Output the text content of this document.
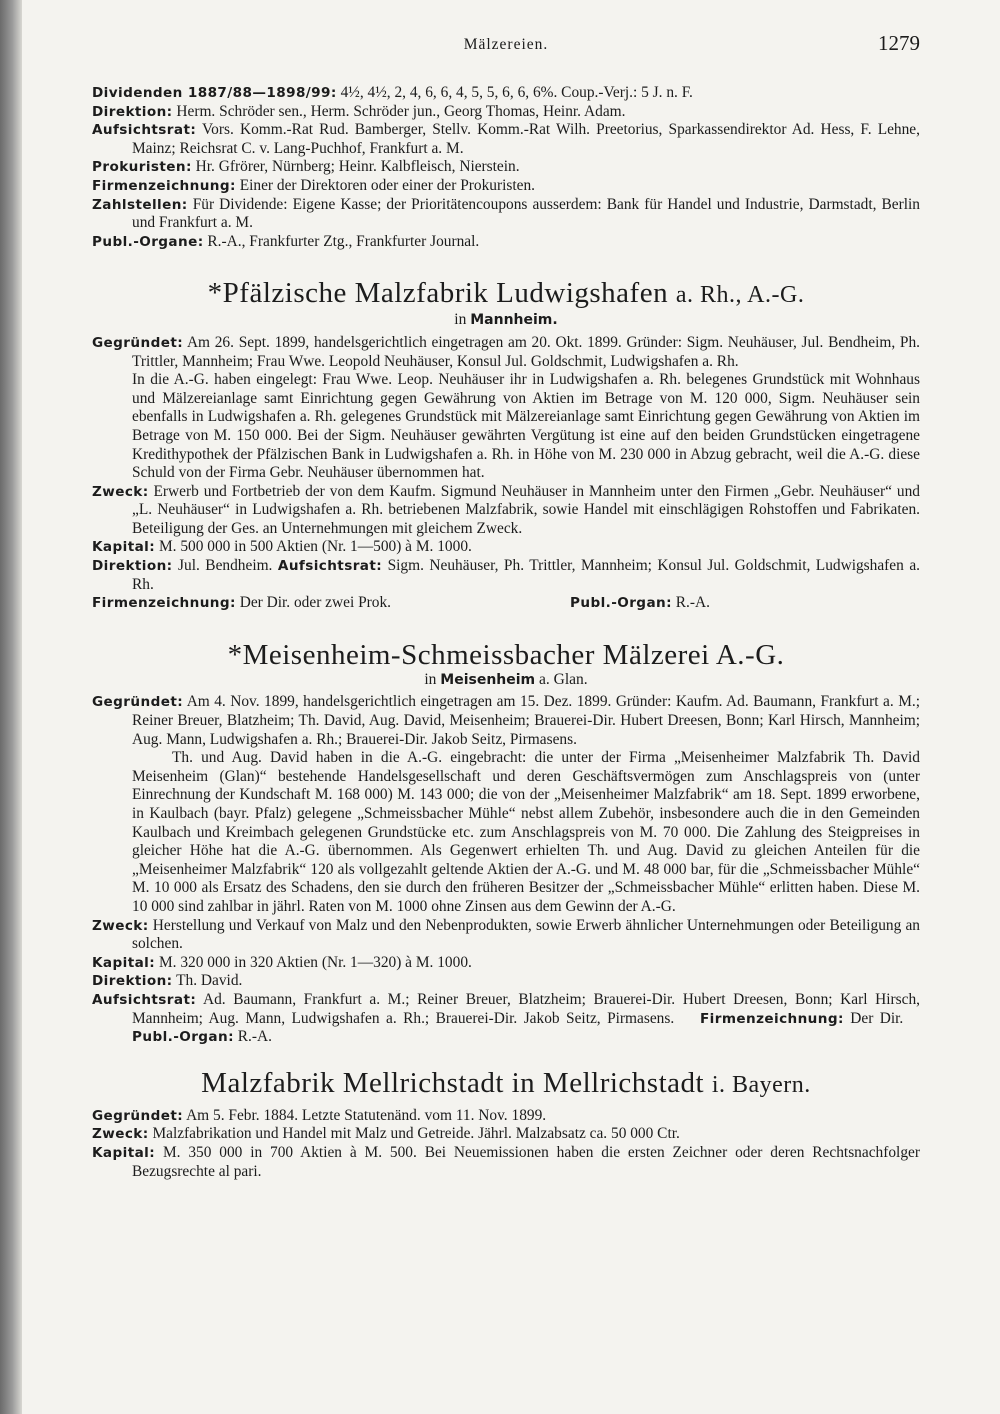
Mälzereien.	1279

Dividenden 1887/88—1898/99: 4½, 4½, 2, 4, 6, 6, 4, 5, 5, 6, 6, 6%. Coup.-Verj.: 5 J. n. F.

Direktion: Herm. Schröder sen., Herm. Schröder jun., Georg Thomas, Heinr. Adam.

Aufsichtsrat: Vors. Komm.-Rat Rud. Bamberger, Stellv. Komm.-Rat Wilh. Preetorius, Sparkassendirektor Ad. Hess, F. Lehne, Mainz; Reichsrat C. v. Lang-Puchhof, Frankfurt a. M.

Prokuristen: Hr. Gfrörer, Nürnberg; Heinr. Kalbfleisch, Nierstein.

Firmenzeichnung: Einer der Direktoren oder einer der Prokuristen.

Zahlstellen: Für Dividende: Eigene Kasse; der Prioritätencoupons ausserdem: Bank für Handel und Industrie, Darmstadt, Berlin und Frankfurt a. M.

Publ.-Organe: R.-A., Frankfurter Ztg., Frankfurter Journal.

*Pfälzische Malzfabrik Ludwigshafen a. Rh., A.-G.
in Mannheim.

Gegründet: Am 26. Sept. 1899, handelsgerichtlich eingetragen am 20. Okt. 1899. Gründer: Sigm. Neuhäuser, Jul. Bendheim, Ph. Trittler, Mannheim; Frau Wwe. Leopold Neuhäuser, Konsul Jul. Goldschmit, Ludwigshafen a. Rh.

In die A.-G. haben eingelegt: Frau Wwe. Leop. Neuhäuser ihr in Ludwigshafen a. Rh. belegenes Grundstück mit Wohnhaus und Mälzereianlage samt Einrichtung gegen Gewährung von Aktien im Betrage von M. 120 000, Sigm. Neuhäuser sein ebenfalls in Ludwigshafen a. Rh. gelegenes Grundstück mit Mälzereianlage samt Einrichtung gegen Gewährung von Aktien im Betrage von M. 150 000. Bei der Sigm. Neuhäuser gewährten Vergütung ist eine auf den beiden Grundstücken eingetragene Kredithypothek der Pfälzischen Bank in Ludwigshafen a. Rh. in Höhe von M. 230 000 in Abzug gebracht, weil die A.-G. diese Schuld von der Firma Gebr. Neuhäuser übernommen hat.

Zweck: Erwerb und Fortbetrieb der von dem Kaufm. Sigmund Neuhäuser in Mannheim unter den Firmen „Gebr. Neuhäuser“ und „L. Neuhäuser“ in Ludwigshafen a. Rh. betriebenen Malzfabrik, sowie Handel mit einschlägigen Rohstoffen und Fabrikaten. Beteiligung der Ges. an Unternehmungen mit gleichem Zweck.

Kapital: M. 500 000 in 500 Aktien (Nr. 1—500) à M. 1000.

Direktion: Jul. Bendheim. Aufsichtsrat: Sigm. Neuhäuser, Ph. Trittler, Mannheim; Konsul Jul. Goldschmit, Ludwigshafen a. Rh.

Firmenzeichnung: Der Dir. oder zwei Prok.	Publ.-Organ: R.-A.
*Meisenheim-Schmeissbacher Mälzerei A.-G.
in Meisenheim a. Glan.

Gegründet: Am 4. Nov. 1899, handelsgerichtlich eingetragen am 15. Dez. 1899. Gründer: Kaufm. Ad. Baumann, Frankfurt a. M.; Reiner Breuer, Blatzheim; Th. David, Aug. David, Meisenheim; Brauerei-Dir. Hubert Dreesen, Bonn; Karl Hirsch, Mannheim; Aug. Mann, Ludwigshafen a. Rh.; Brauerei-Dir. Jakob Seitz, Pirmasens.

Th. und Aug. David haben in die A.-G. eingebracht: die unter der Firma „Meisenheimer Malzfabrik Th. David Meisenheim (Glan)“ bestehende Handelsgesellschaft und deren Geschäftsvermögen zum Anschlagspreis von (unter Einrechnung der Kundschaft M. 168 000) M. 143 000; die von der „Meisenheimer Malzfabrik“ am 18. Sept. 1899 erworbene, in Kaulbach (bayr. Pfalz) gelegene „Schmeissbacher Mühle“ nebst allem Zubehör, insbesondere auch die in den Gemeinden Kaulbach und Kreimbach gelegenen Grundstücke etc. zum Anschlagspreis von M. 70 000. Die Zahlung des Steigpreises in gleicher Höhe hat die A.-G. übernommen. Als Gegenwert erhielten Th. und Aug. David zu gleichen Anteilen für die „Meisenheimer Malzfabrik“ 120 als vollgezahlt geltende Aktien der A.-G. und M. 48 000 bar, für die „Schmeissbacher Mühle“ M. 10 000 als Ersatz des Schadens, den sie durch den früheren Besitzer der „Schmeissbacher Mühle“ erlitten haben. Diese M. 10 000 sind zahlbar in jährl. Raten von M. 1000 ohne Zinsen aus dem Gewinn der A.-G.

Zweck: Herstellung und Verkauf von Malz und den Nebenprodukten, sowie Erwerb ähnlicher Unternehmungen oder Beteiligung an solchen.

Kapital: M. 320 000 in 320 Aktien (Nr. 1—320) à M. 1000.

Direktion: Th. David.

Aufsichtsrat: Ad. Baumann, Frankfurt a. M.; Reiner Breuer, Blatzheim; Brauerei-Dir. Hubert Dreesen, Bonn; Karl Hirsch, Mannheim; Aug. Mann, Ludwigshafen a. Rh.; Brauerei-Dir. Jakob Seitz, Pirmasens. Firmenzeichnung: Der Dir.    Publ.-Organ: R.-A.

Malzfabrik Mellrichstadt in Mellrichstadt i. Bayern.

Gegründet: Am 5. Febr. 1884. Letzte Statutenänd. vom 11. Nov. 1899.

Zweck: Malzfabrikation und Handel mit Malz und Getreide. Jährl. Malzabsatz ca. 50 000 Ctr.

Kapital: M. 350 000 in 700 Aktien à M. 500. Bei Neuemissionen haben die ersten Zeichner oder deren Rechtsnachfolger Bezugsrechte al pari.
